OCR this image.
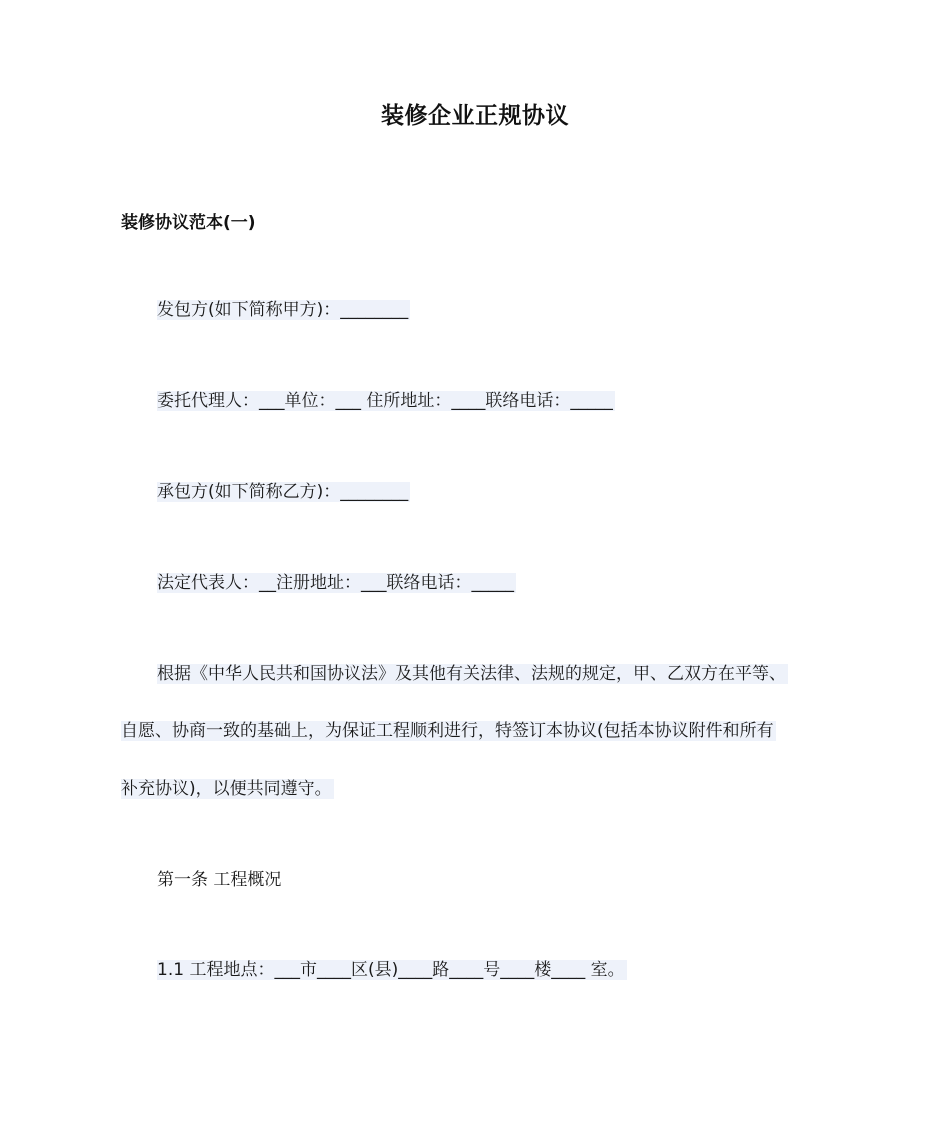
装修企业正规协议
装修协议范本(一)
发包方(如下简称甲方)：________
委托代理人：___单位：___ 住所地址：____联络电话：_____
承包方(如下简称乙方)：________
法定代表人：__注册地址：___联络电话：_____
根据《中华人民共和国协议法》及其他有关法律、法规的规定，甲、乙双方在平等、
自愿、协商一致的基础上，为保证工程顺利进行，特签订本协议(包括本协议附件和所有
补充协议)，以便共同遵守。
第一条 工程概况
1.1 工程地点：___市____区(县)____路____号____楼____ 室。
